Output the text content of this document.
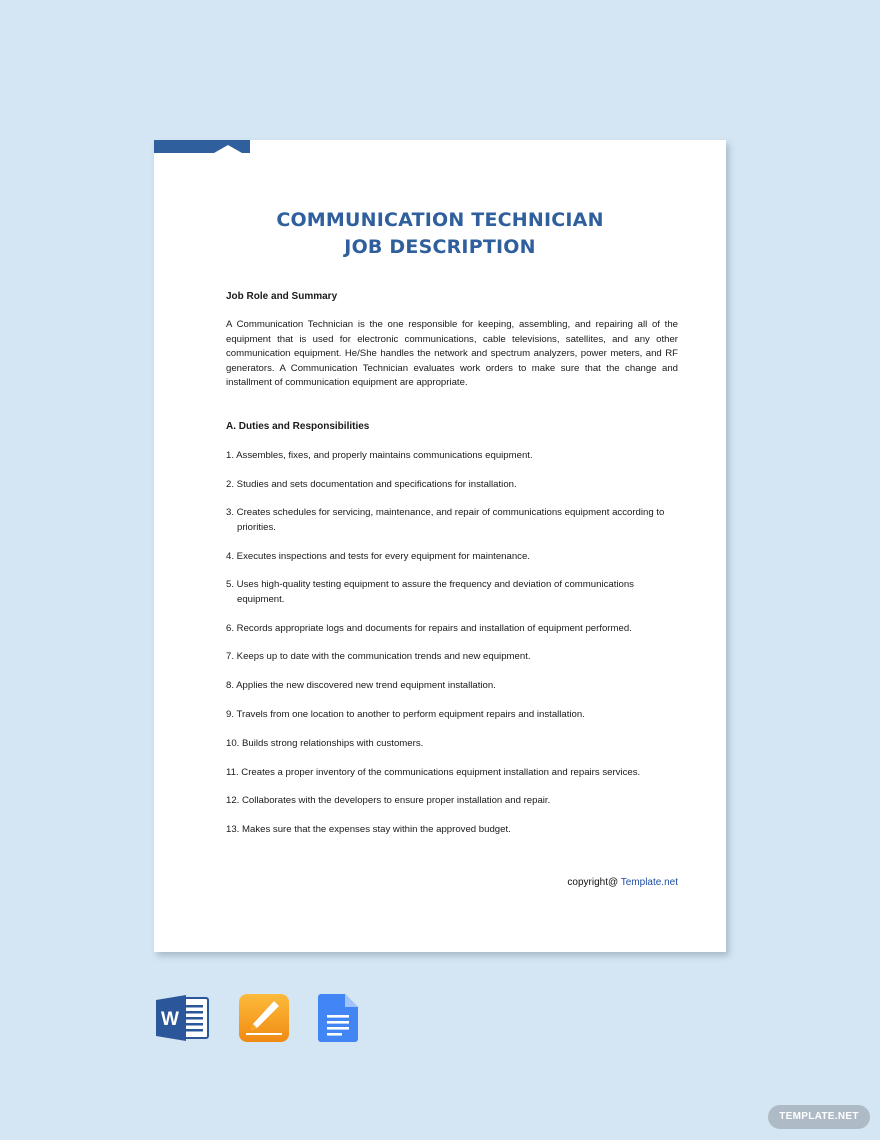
COMMUNICATION TECHNICIAN
JOB DESCRIPTION

Job Role and Summary

A Communication Technician is the one responsible for keeping, assembling, and repairing all of the equipment that is used for electronic communications, cable televisions, satellites, and any other communication equipment. He/She handles the network and spectrum analyzers, power meters, and RF generators. A Communication Technician evaluates work orders to make sure that the change and installment of communication equipment are appropriate.

A. Duties and Responsibilities

1. Assembles, fixes, and properly maintains communications equipment.
2. Studies and sets documentation and specifications for installation.
3. Creates schedules for servicing, maintenance, and repair of communications equipment according to priorities.
4. Executes inspections and tests for every equipment for maintenance.
5. Uses high-quality testing equipment to assure the frequency and deviation of communications equipment.
6. Records appropriate logs and documents for repairs and installation of equipment performed.
7. Keeps up to date with the communication trends and new equipment.
8. Applies the new discovered new trend equipment installation.
9. Travels from one location to another to perform equipment repairs and installation.
10. Builds strong relationships with customers.
11. Creates a proper inventory of the communications equipment installation and repairs services.
12. Collaborates with the developers to ensure proper installation and repair.
13. Makes sure that the expenses stay within the approved budget.
copyright@ Template.net
W
TEMPLATE.NET
